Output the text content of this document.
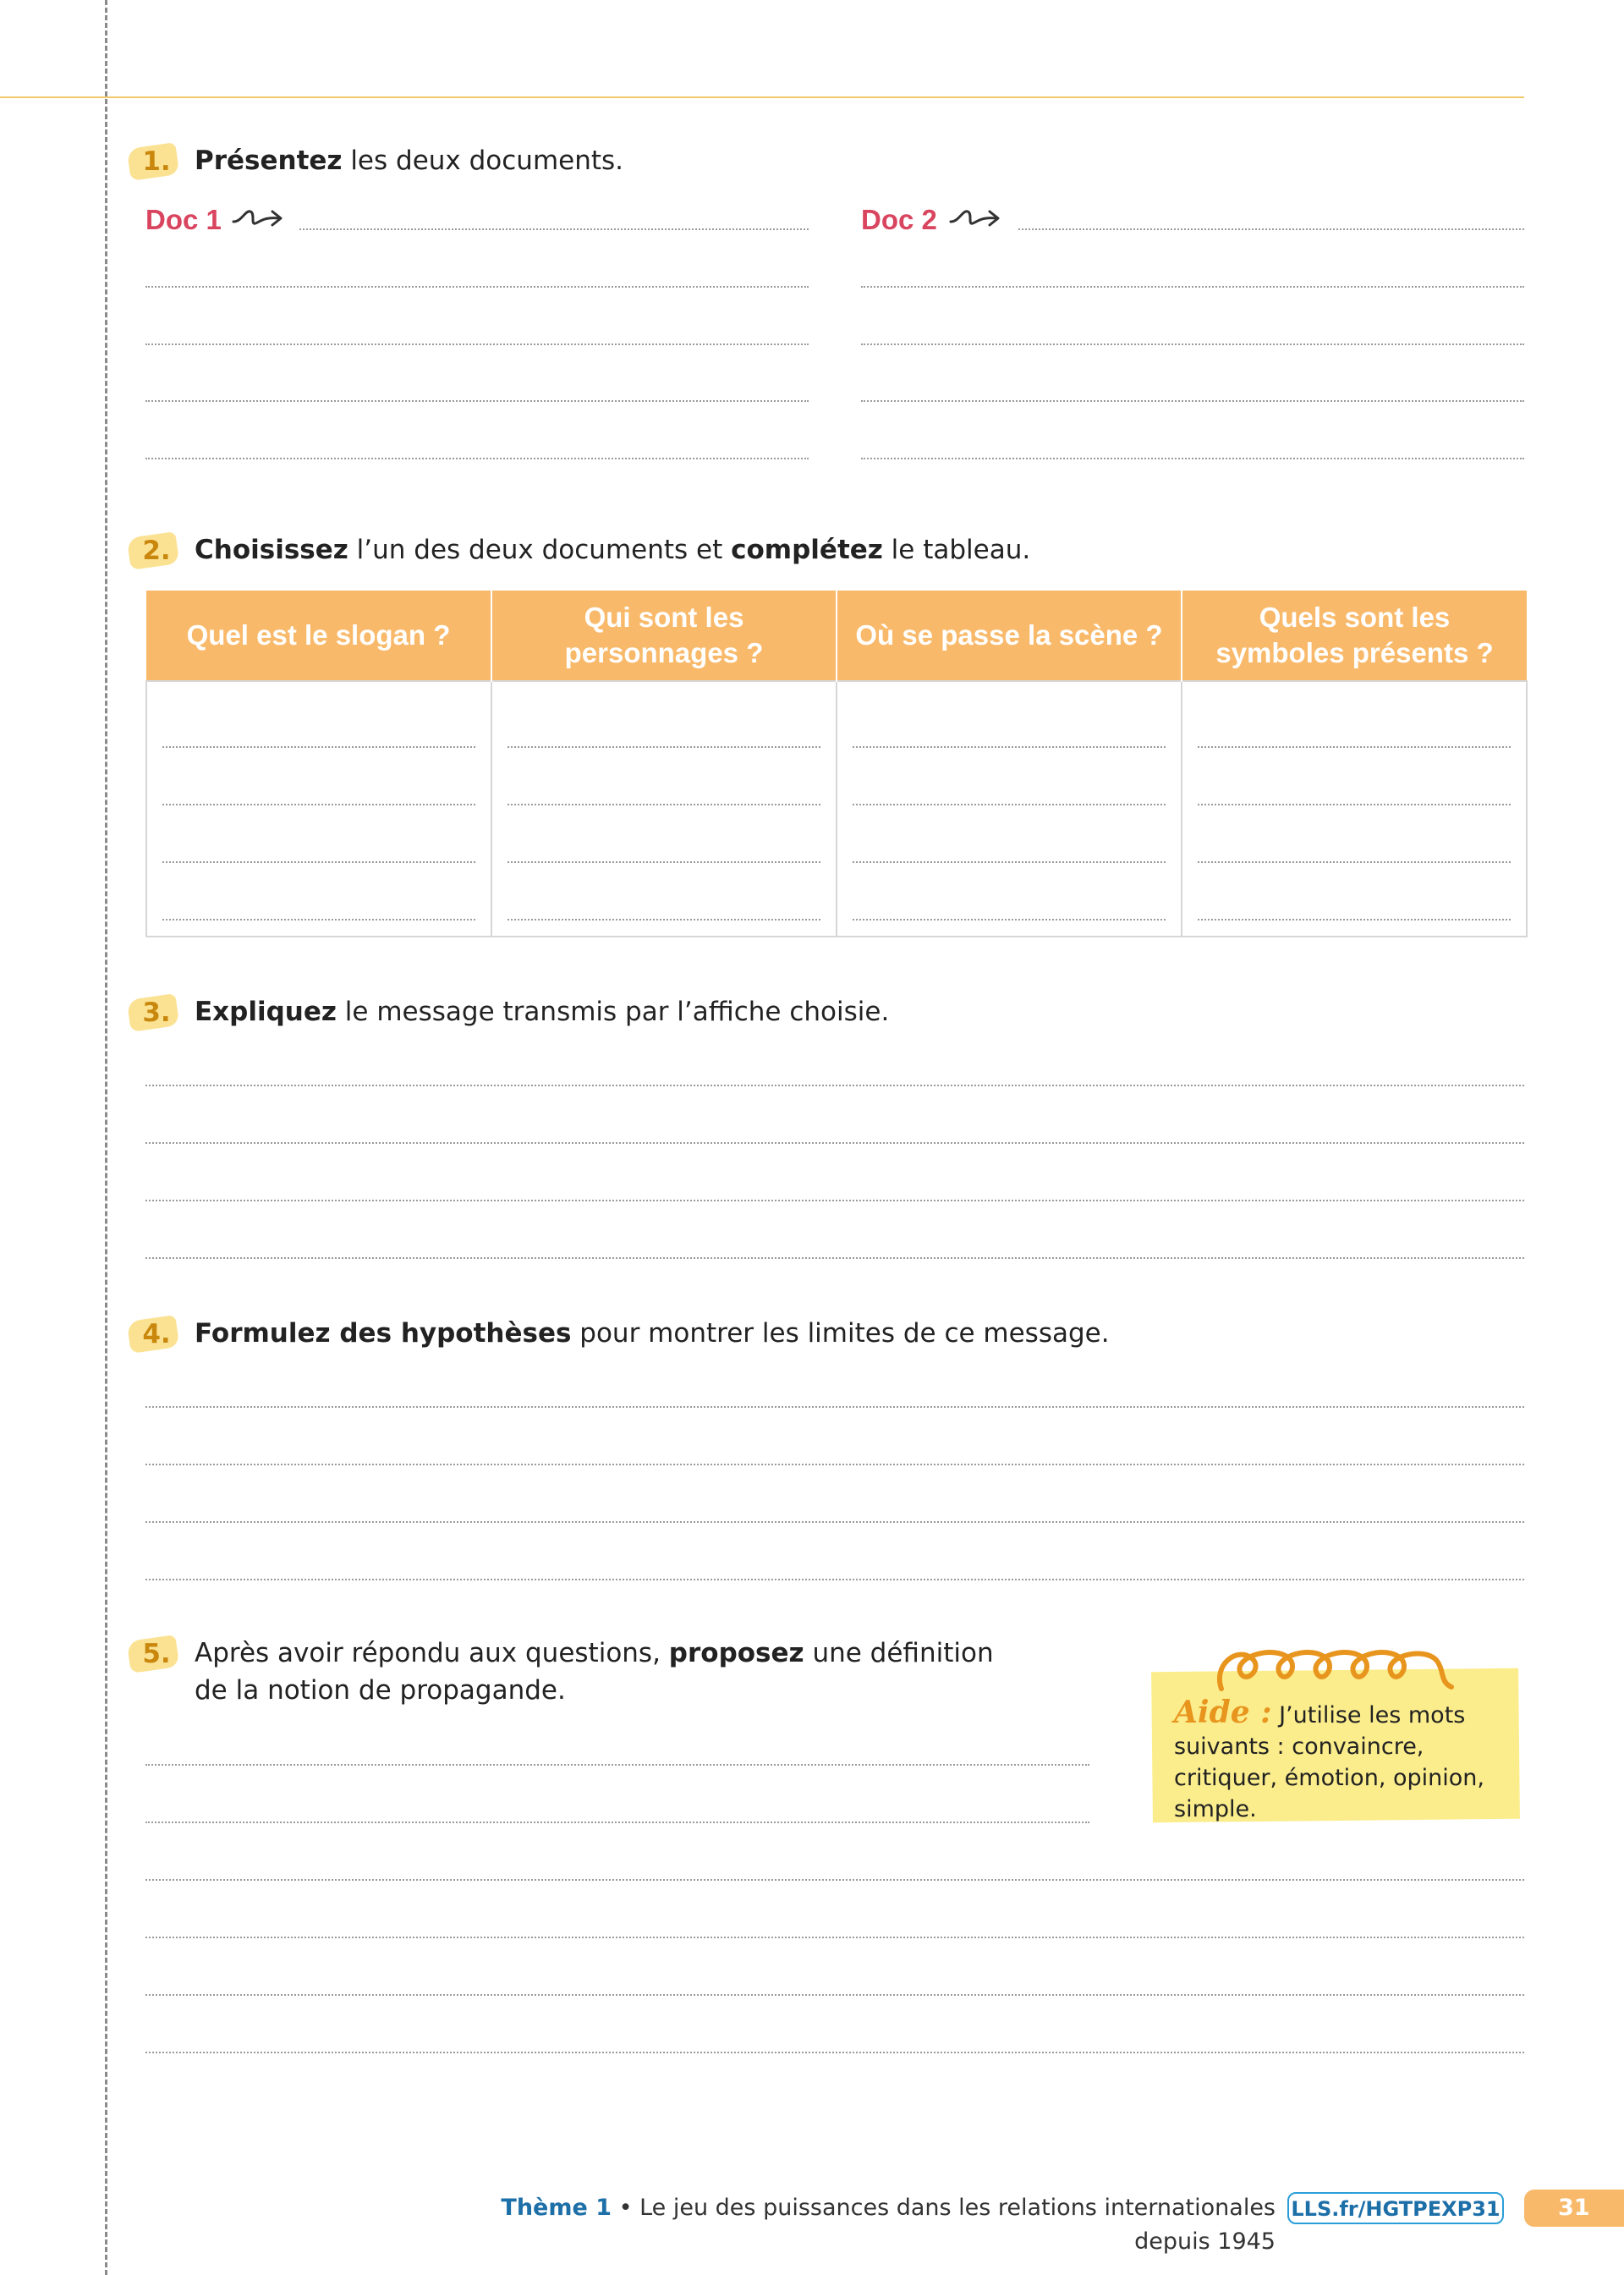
1. Présentez les deux documents.
Doc 1	Doc 2
2. Choisissez l’un des deux documents et complétez le tableau.
Quel est le slogan ?	Qui sont les personnages ?	Où se passe la scène ?	Quels sont les symboles présents ?

3. Expliquez le message transmis par l’affiche choisie.
4. Formulez des hypothèses pour montrer les limites de ce message.
5. Après avoir répondu aux questions, proposez une définition
de la notion de propagande.
Aide : J’utilise les mots suivants : convaincre, critiquer, émotion, opinion, simple.
Thème 1 • Le jeu des puissances dans les relations internationales depuis 1945
LLS.fr/HGTPEXP31	31
